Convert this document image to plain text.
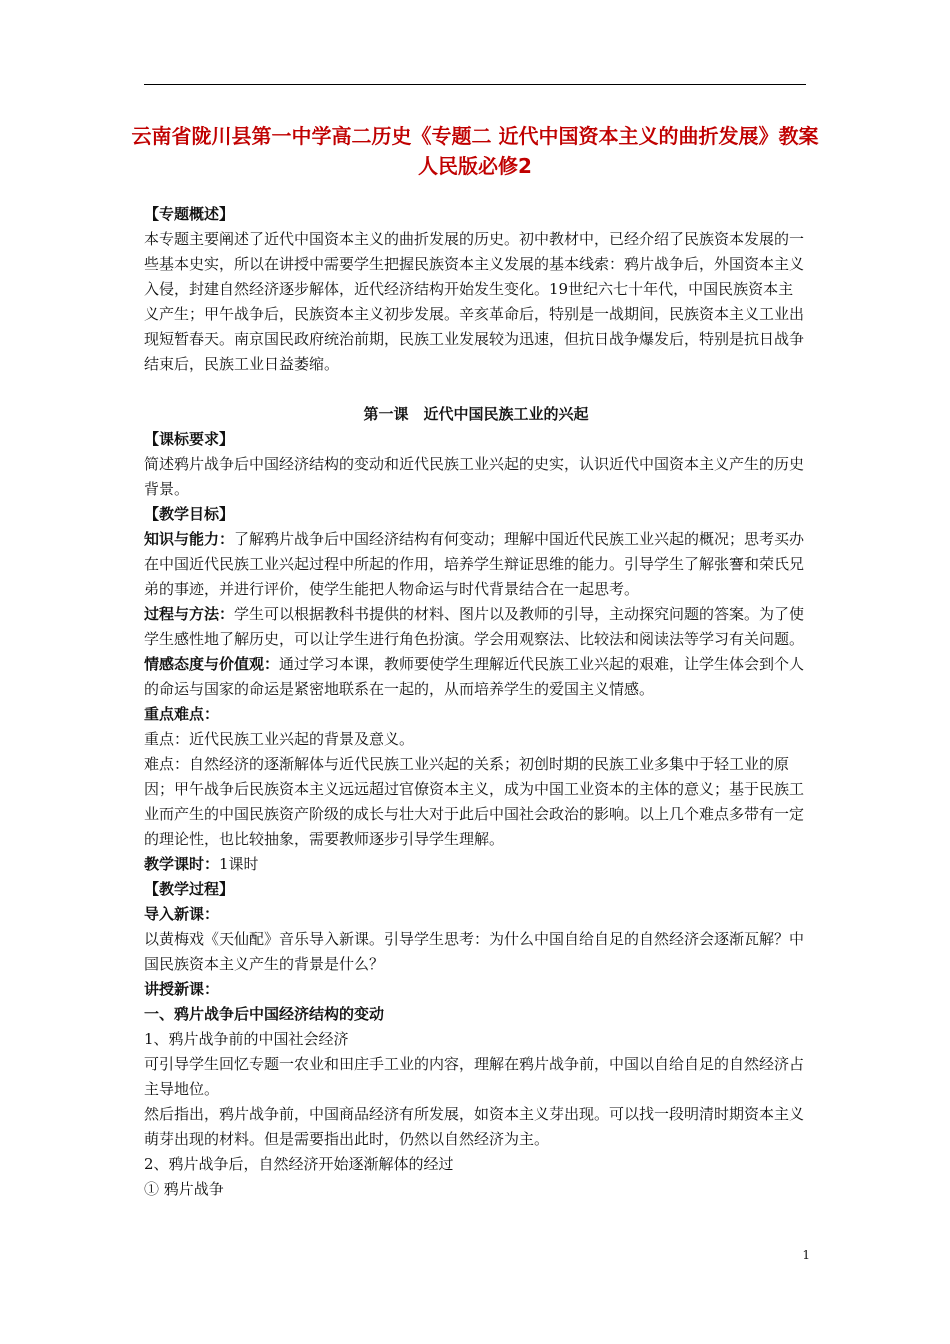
云南省陇川县第一中学高二历史《专题二 近代中国资本主义的曲折发展》教案 人民版必修2

【专题概述】

本专题主要阐述了近代中国资本主义的曲折发展的历史。初中教材中，已经介绍了民族资本发展的一些基本史实，所以在讲授中需要学生把握民族资本主义发展的基本线索：鸦片战争后，外国资本主义入侵，封建自然经济逐步解体，近代经济结构开始发生变化。19世纪六七十年代，中国民族资本主义产生；甲午战争后，民族资本主义初步发展。辛亥革命后，特别是一战期间，民族资本主义工业出现短暂春天。南京国民政府统治前期，民族工业发展较为迅速，但抗日战争爆发后，特别是抗日战争结束后，民族工业日益萎缩。

第一课　近代中国民族工业的兴起

【课标要求】

简述鸦片战争后中国经济结构的变动和近代民族工业兴起的史实，认识近代中国资本主义产生的历史背景。

【教学目标】

知识与能力：了解鸦片战争后中国经济结构有何变动；理解中国近代民族工业兴起的概况；思考买办在中国近代民族工业兴起过程中所起的作用，培养学生辩证思维的能力。引导学生了解张謇和荣氏兄弟的事迹，并进行评价，使学生能把人物命运与时代背景结合在一起思考。

过程与方法：学生可以根据教科书提供的材料、图片以及教师的引导，主动探究问题的答案。为了使学生感性地了解历史，可以让学生进行角色扮演。学会用观察法、比较法和阅读法等学习有关问题。

情感态度与价值观：通过学习本课，教师要使学生理解近代民族工业兴起的艰难，让学生体会到个人的命运与国家的命运是紧密地联系在一起的，从而培养学生的爱国主义情感。

重点难点：

重点：近代民族工业兴起的背景及意义。

难点：自然经济的逐渐解体与近代民族工业兴起的关系；初创时期的民族工业多集中于轻工业的原因；甲午战争后民族资本主义远远超过官僚资本主义，成为中国工业资本的主体的意义；基于民族工业而产生的中国民族资产阶级的成长与壮大对于此后中国社会政治的影响。以上几个难点多带有一定的理论性，也比较抽象，需要教师逐步引导学生理解。

教学课时：1课时

【教学过程】

导入新课：

以黄梅戏《天仙配》音乐导入新课。引导学生思考：为什么中国自给自足的自然经济会逐渐瓦解？中国民族资本主义产生的背景是什么？

讲授新课：

一、鸦片战争后中国经济结构的变动

1、鸦片战争前的中国社会经济

可引导学生回忆专题一农业和田庄手工业的内容，理解在鸦片战争前，中国以自给自足的自然经济占主导地位。

然后指出，鸦片战争前，中国商品经济有所发展，如资本主义芽出现。可以找一段明清时期资本主义萌芽出现的材料。但是需要指出此时，仍然以自然经济为主。

2、鸦片战争后，自然经济开始逐渐解体的经过

① 鸦片战争

1
